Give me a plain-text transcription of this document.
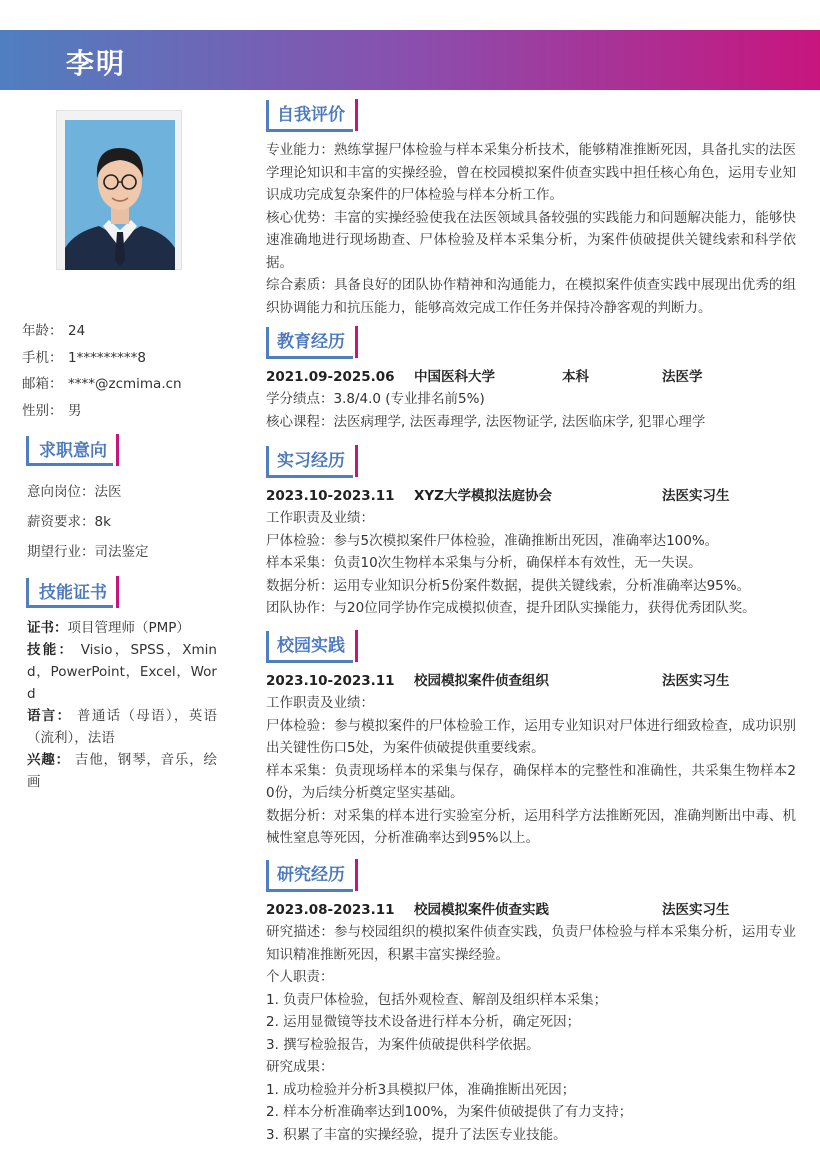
李明
年龄： 24
手机： 1*********8
邮箱： ****@zcmima.cn
性别： 男
求职意向
意向岗位：法医
薪资要求：8k
期望行业：司法鉴定
技能证书
证书：项目管理师（PMP）
技能： Visio，SPSS，Xmind，PowerPoint，Excel，Word
语言： 普通话（母语），英语（流利），法语
兴趣： 吉他，钢琴，音乐，绘画
自我评价
专业能力：熟练掌握尸体检验与样本采集分析技术，能够精准推断死因，具备扎实的法医学理论知识和丰富的实操经验，曾在校园模拟案件侦查实践中担任核心角色，运用专业知识成功完成复杂案件的尸体检验与样本分析工作。
核心优势：丰富的实操经验使我在法医领域具备较强的实践能力和问题解决能力，能够快速准确地进行现场勘查、尸体检验及样本采集分析，为案件侦破提供关键线索和科学依据。
综合素质：具备良好的团队协作精神和沟通能力，在模拟案件侦查实践中展现出优秀的组织协调能力和抗压能力，能够高效完成工作任务并保持冷静客观的判断力。
教育经历
2021.09-2025.06 中国医科大学	本科	法医学
学分绩点：3.8/4.0 (专业排名前5%)
核心课程：法医病理学, 法医毒理学, 法医物证学, 法医临床学, 犯罪心理学
实习经历
2023.10-2023.11 XYZ大学模拟法庭协会	法医实习生
工作职责及业绩：
尸体检验：参与5次模拟案件尸体检验，准确推断出死因，准确率达100%。
样本采集：负责10次生物样本采集与分析，确保样本有效性，无一失误。
数据分析：运用专业知识分析5份案件数据，提供关键线索，分析准确率达95%。
团队协作：与20位同学协作完成模拟侦查，提升团队实操能力，获得优秀团队奖。
校园实践
2023.10-2023.11 校园模拟案件侦查组织	法医实习生
工作职责及业绩：
尸体检验：参与模拟案件的尸体检验工作，运用专业知识对尸体进行细致检查，成功识别出关键性伤口5处，为案件侦破提供重要线索。
样本采集：负责现场样本的采集与保存，确保样本的完整性和准确性，共采集生物样本20份，为后续分析奠定坚实基础。
数据分析：对采集的样本进行实验室分析，运用科学方法推断死因，准确判断出中毒、机械性窒息等死因，分析准确率达到95%以上。
研究经历
2023.08-2023.11 校园模拟案件侦查实践	法医实习生
研究描述：参与校园组织的模拟案件侦查实践，负责尸体检验与样本采集分析，运用专业知识精准推断死因，积累丰富实操经验。
个人职责：
1. 负责尸体检验，包括外观检查、解剖及组织样本采集；
2. 运用显微镜等技术设备进行样本分析，确定死因；
3. 撰写检验报告，为案件侦破提供科学依据。
研究成果：
1. 成功检验并分析3具模拟尸体，准确推断出死因；
2. 样本分析准确率达到100%，为案件侦破提供了有力支持；
3. 积累了丰富的实操经验，提升了法医专业技能。
